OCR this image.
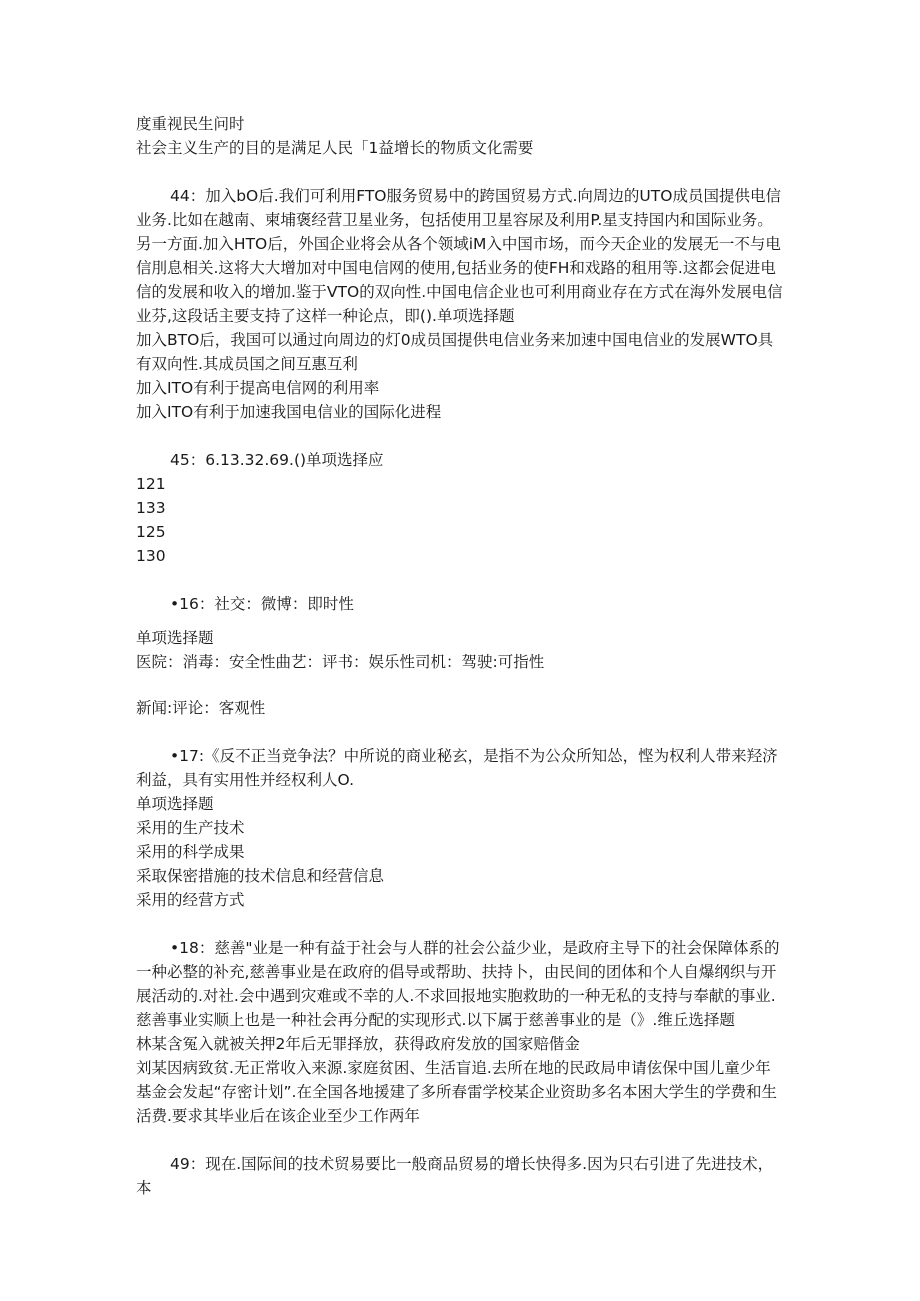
度重视民生问时
社会主义生产的目的是满足人民「1益增长的物质文化需要
44：加入bO后.我们可利用FTO服务贸易中的跨国贸易方式.向周边的UTO成员国提供电信业务.比如在越南、柬埔褒经营卫星业务，包括使用卫星容尿及利用P.星支持国内和国际业务。另一方面.加入HTO后，外国企业将会从各个领域iM入中国市场，而今天企业的发展无一不与电信刖息相关.这将大大增加对中国电信网的使用,包括业务的使FH和戏路的租用等.这都会促进电信的发展和收入的增加.鉴于VTO的双向性.中国电信企业也可利用商业存在方式在海外发展电信业芬,这段话主要支持了这样一种论点，即().单项选择题
加入BTO后，我国可以通过向周边的灯0成员国提供电信业务来加速中国电信业的发展WTO具有双向性.其成员国之间互惠互利
加入ITO有利于提高电信网的利用率
加入ITO有利于加速我国电信业的国际化进程
45：6.13.32.69.()单项选择应
121
133
125
130
•16：社交：微博：即时性
单项选择题
医院：消毒：安全性曲艺：评书：娱乐性司机：驾驶:可指性
新闻:评论：客观性
•17:《反不正当竞争法？中所说的商业秘玄，是指不为公众所知怂，悭为权利人带来羟济利益，具有实用性并经权利人O.
单项选择题
采用的生产技术
采用的科学成果
采取保密措施的技术信息和经营信息
采用的经营方式
•18：慈善"业是一种有益于社会与人群的社会公益少业，是政府主导下的社会保障体系的一种必整的补充,慈善事业是在政府的倡导或帮助、扶持卜，由民间的团体和个人自爆纲织与开展活动的.对社.会中遇到灾难或不幸的人.不求回报地实胞救助的一种无私的支持与奉献的事业.慈善事业实顺上也是一种社会再分配的实现形式.以下属于慈善事业的是（》.维丘选择题
林某含冤入就被关押2年后无罪择放，获得政府发放的国家赔偕金
刘某因病致贫.无正常收入来源.家庭贫困、生活盲追.去所在地的民政局申请伭保中国儿童少年基金会发起“存密计划”.在全国各地援建了多所春雷学校某企业资助多名本困大学生的学费和生活费.要求其毕业后在该企业至少工作两年
49：现在.国际间的技术贸易要比一般商品贸易的增长快得多.因为只右引进了先进技术，本
